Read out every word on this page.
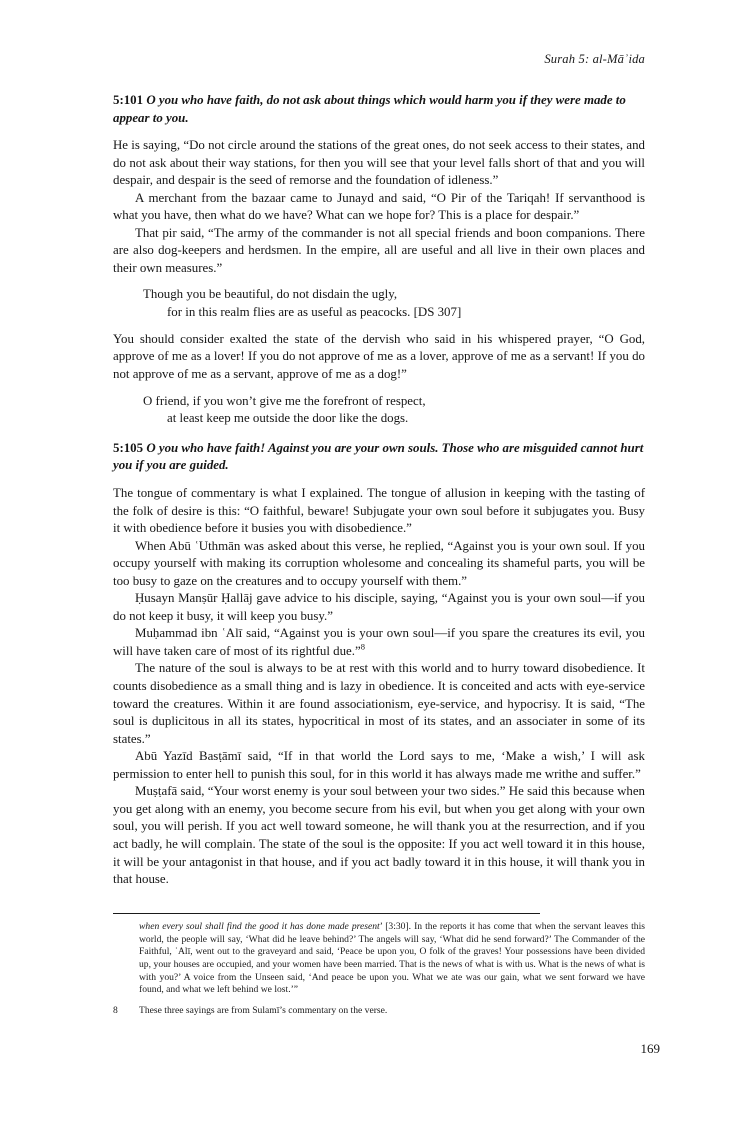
Surah 5: al-Māʾida

5:101 O you who have faith, do not ask about things which would harm you if they were made to appear to you.

He is saying, “Do not circle around the stations of the great ones, do not seek access to their states, and do not ask about their way stations, for then you will see that your level falls short of that and you will despair, and despair is the seed of remorse and the foundation of idleness.”

A merchant from the bazaar came to Junayd and said, “O Pir of the Tariqah! If servanthood is what you have, then what do we have? What can we hope for? This is a place for despair.”

That pir said, “The army of the commander is not all special friends and boon companions. There are also dog-keepers and herdsmen. In the empire, all are useful and all live in their own places and their own measures.”

Though you be beautiful, do not disdain the ugly,
for in this realm flies are as useful as peacocks. [DS 307]

You should consider exalted the state of the dervish who said in his whispered prayer, “O God, approve of me as a lover! If you do not approve of me as a lover, approve of me as a servant! If you do not approve of me as a servant, approve of me as a dog!”

O friend, if you won’t give me the forefront of respect,
at least keep me outside the door like the dogs.

5:105 O you who have faith! Against you are your own souls. Those who are misguided cannot hurt you if you are guided.

The tongue of commentary is what I explained. The tongue of allusion in keeping with the tasting of the folk of desire is this: “O faithful, beware! Subjugate your own soul before it subjugates you. Busy it with obedience before it busies you with disobedience.”

When Abū ʿUthmān was asked about this verse, he replied, “Against you is your own soul. If you occupy yourself with making its corruption wholesome and concealing its shameful parts, you will be too busy to gaze on the creatures and to occupy yourself with them.”

Ḥusayn Manṣūr Ḥallāj gave advice to his disciple, saying, “Against you is your own soul—if you do not keep it busy, it will keep you busy.”

Muḥammad ibn ʿAlī said, “Against you is your own soul—if you spare the creatures its evil, you will have taken care of most of its rightful due.”$^8$

The nature of the soul is always to be at rest with this world and to hurry toward disobedience. It counts disobedience as a small thing and is lazy in obedience. It is conceited and acts with eye-service toward the creatures. Within it are found associationism, eye-service, and hypocrisy. It is said, “The soul is duplicitous in all its states, hypocritical in most of its states, and an associater in some of its states.”

Abū Yazīd Basṭāmī said, “If in that world the Lord says to me, ‘Make a wish,’ I will ask permission to enter hell to punish this soul, for in this world it has always made me writhe and suffer.”

Muṣṭafā said, “Your worst enemy is your soul between your two sides.” He said this because when you get along with an enemy, you become secure from his evil, but when you get along with your own soul, you will perish. If you act well toward someone, he will thank you at the resurrection, and if you act badly, he will complain. The state of the soul is the opposite: If you act well toward it in this house, it will be your antagonist in that house, and if you act badly toward it in this house, it will thank you in that house.

when every soul shall find the good it has done made present’ [3:30]. In the reports it has come that when the servant leaves this world, the people will say, ‘What did he leave behind?’ The angels will say, ‘What did he send forward?’ The Commander of the Faithful, ʿAlī, went out to the graveyard and said, ‘Peace be upon you, O folk of the graves! Your possessions have been divided up, your houses are occupied, and your women have been married. That is the news of what is with us. What is the news of what is with you?’ A voice from the Unseen said, ‘And peace be upon you. What we ate was our gain, what we sent forward we have found, and what we left behind we lost.’”

8	These three sayings are from Sulamī’s commentary on the verse.

169
